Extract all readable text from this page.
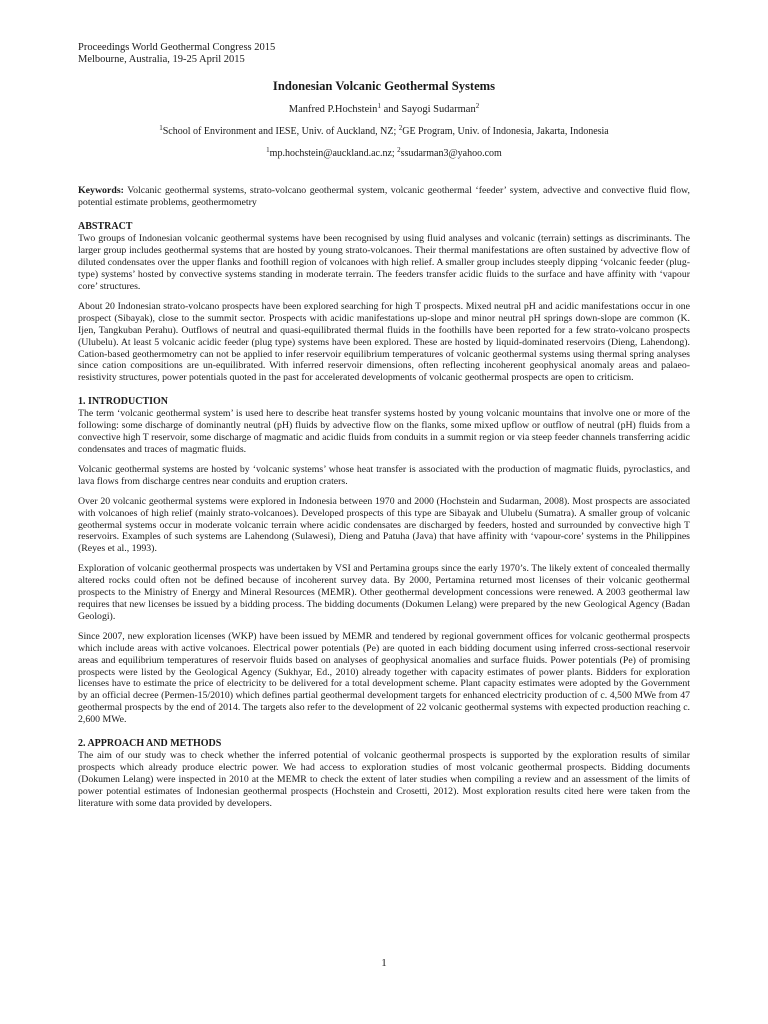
Proceedings World Geothermal Congress 2015
Melbourne, Australia, 19-25 April 2015
Indonesian Volcanic Geothermal Systems
Manfred P.Hochstein$^1$ and Sayogi Sudarman$^2$
$^1$School of Environment and IESE, Univ. of Auckland, NZ; $^2$GE Program, Univ. of Indonesia, Jakarta, Indonesia
$^1$mp.hochstein@auckland.ac.nz; $^2$ssudarman3@yahoo.com
Keywords: Volcanic geothermal systems, strato-volcano geothermal system, volcanic geothermal ‘feeder’ system, advective and convective fluid flow, potential estimate problems, geothermometry
ABSTRACT

Two groups of Indonesian volcanic geothermal systems have been recognised by using fluid analyses and volcanic (terrain) settings as discriminants. The larger group includes geothermal systems that are hosted by young strato-volcanoes. Their thermal manifestations are often sustained by advective flow of diluted condensates over the upper flanks and foothill region of volcanoes with high relief. A smaller group includes steeply dipping ‘volcanic feeder (plug-type) systems’ hosted by convective systems standing in moderate terrain. The feeders transfer acidic fluids to the surface and have affinity with ‘vapour core’ structures.

About 20 Indonesian strato-volcano prospects have been explored searching for high T prospects. Mixed neutral pH and acidic manifestations occur in one prospect (Sibayak), close to the summit sector. Prospects with acidic manifestations up-slope and minor neutral pH springs down-slope are common (K. Ijen, Tangkuban Perahu). Outflows of neutral and quasi-equilibrated thermal fluids in the foothills have been reported for a few strato-volcano prospects (Ulubelu). At least 5 volcanic acidic feeder (plug type) systems have been explored. These are hosted by liquid-dominated reservoirs (Dieng, Lahendong). Cation-based geothermometry can not be applied to infer reservoir equilibrium temperatures of volcanic geothermal systems using thermal spring analyses since cation compositions are un-equilibrated. With inferred reservoir dimensions, often reflecting incoherent geophysical anomaly areas and palaeo- resistivity structures, power potentials quoted in the past for accelerated developments of volcanic geothermal prospects are open to criticism.

1. INTRODUCTION

The term ‘volcanic geothermal system’ is used here to describe heat transfer systems hosted by young volcanic mountains that involve one or more of the following: some discharge of dominantly neutral (pH) fluids by advective flow on the flanks, some mixed upflow or outflow of neutral (pH) fluids from a convective high T reservoir, some discharge of magmatic and acidic fluids from conduits in a summit region or via steep feeder channels transferring acidic condensates and traces of magmatic fluids.

Volcanic geothermal systems are hosted by ‘volcanic systems’ whose heat transfer is associated with the production of magmatic fluids, pyroclastics, and lava flows from discharge centres near conduits and eruption craters.

Over 20 volcanic geothermal systems were explored in Indonesia between 1970 and 2000 (Hochstein and Sudarman, 2008). Most prospects are associated with volcanoes of high relief (mainly strato-volcanoes). Developed prospects of this type are Sibayak and Ulubelu (Sumatra). A smaller group of volcanic geothermal systems occur in moderate volcanic terrain where acidic condensates are discharged by feeders, hosted and surrounded by convective high T reservoirs. Examples of such systems are Lahendong (Sulawesi), Dieng and Patuha (Java) that have affinity with ‘vapour-core’ systems in the Philippines (Reyes et al., 1993).

Exploration of volcanic geothermal prospects was undertaken by VSI and Pertamina groups since the early 1970’s. The likely extent of concealed thermally altered rocks could often not be defined because of incoherent survey data. By 2000, Pertamina returned most licenses of their volcanic geothermal prospects to the Ministry of Energy and Mineral Resources (MEMR). Other geothermal development concessions were renewed. A 2003 geothermal law requires that new licenses be issued by a bidding process. The bidding documents (Dokumen Lelang) were prepared by the new Geological Agency (Badan Geologi).

Since 2007, new exploration licenses (WKP) have been issued by MEMR and tendered by regional government offices for volcanic geothermal prospects which include areas with active volcanoes. Electrical power potentials (Pe) are quoted in each bidding document using inferred cross-sectional reservoir areas and equilibrium temperatures of reservoir fluids based on analyses of geophysical anomalies and surface fluids. Power potentials (Pe) of promising prospects were listed by the Geological Agency (Sukhyar, Ed., 2010) already together with capacity estimates of power plants. Bidders for exploration licenses have to estimate the price of electricity to be delivered for a total development scheme. Plant capacity estimates were adopted by the Government by an official decree (Permen-15/2010) which defines partial geothermal development targets for enhanced electricity production of c. 4,500 MWe from 47 geothermal prospects by the end of 2014. The targets also refer to the development of 22 volcanic geothermal systems with expected production reaching c. 2,600 MWe.

2. APPROACH AND METHODS

The aim of our study was to check whether the inferred potential of volcanic geothermal prospects is supported by the exploration results of similar prospects which already produce electric power. We had access to exploration studies of most volcanic geothermal prospects. Bidding documents (Dokumen Lelang) were inspected in 2010 at the MEMR to check the extent of later studies when compiling a review and an assessment of the limits of power potential estimates of Indonesian geothermal prospects (Hochstein and Crosetti, 2012). Most exploration results cited here were taken from the literature with some data provided by developers.

1
